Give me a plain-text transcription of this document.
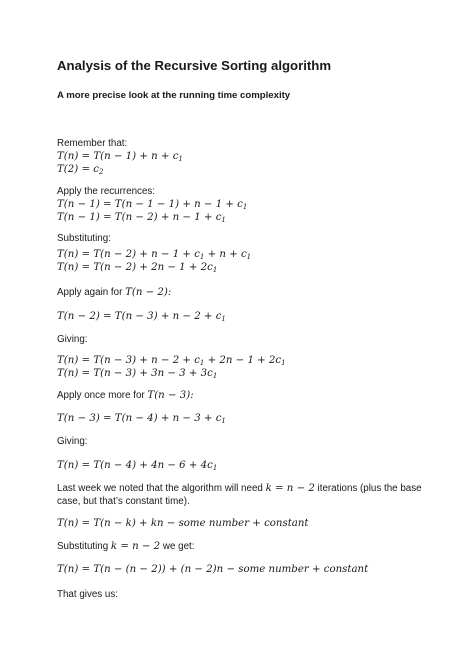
Analysis of the Recursive Sorting algorithm
A more precise look at the running time complexity

Remember that:

$T(n) = T(n - 1) + n + c_1$
$T(2) = c_2$

Apply the recurrences:

$T(n - 1) = T(n - 1 - 1) + n - 1 + c_1$
$T(n - 1) = T(n - 2) + n - 1 + c_1$

Substituting:

$T(n) = T(n - 2) + n - 1 + c_1 + n + c_1$
$T(n) = T(n - 2) + 2n - 1 + 2c_1$

Apply again for T(n − 2):

$T(n - 2) = T(n - 3) + n - 2 + c_1$

Giving:

$T(n) = T(n - 3) + n - 2 + c_1 + 2n - 1 + 2c_1$
$T(n) = T(n - 3) + 3n - 3 + 3c_1$

Apply once more for T(n − 3):

$T(n - 3) = T(n - 4) + n - 3 + c_1$

Giving:

$T(n) = T(n - 4) + 4n - 6 + 4c_1$

Last week we noted that the algorithm will need k = n − 2 iterations (plus the base case, but that’s constant time).

T(n) = T(n − k) + kn − some number + constant

Substituting k = n − 2 we get:

T(n) = T(n − (n − 2)) + (n − 2)n − some number + constant

That gives us:
